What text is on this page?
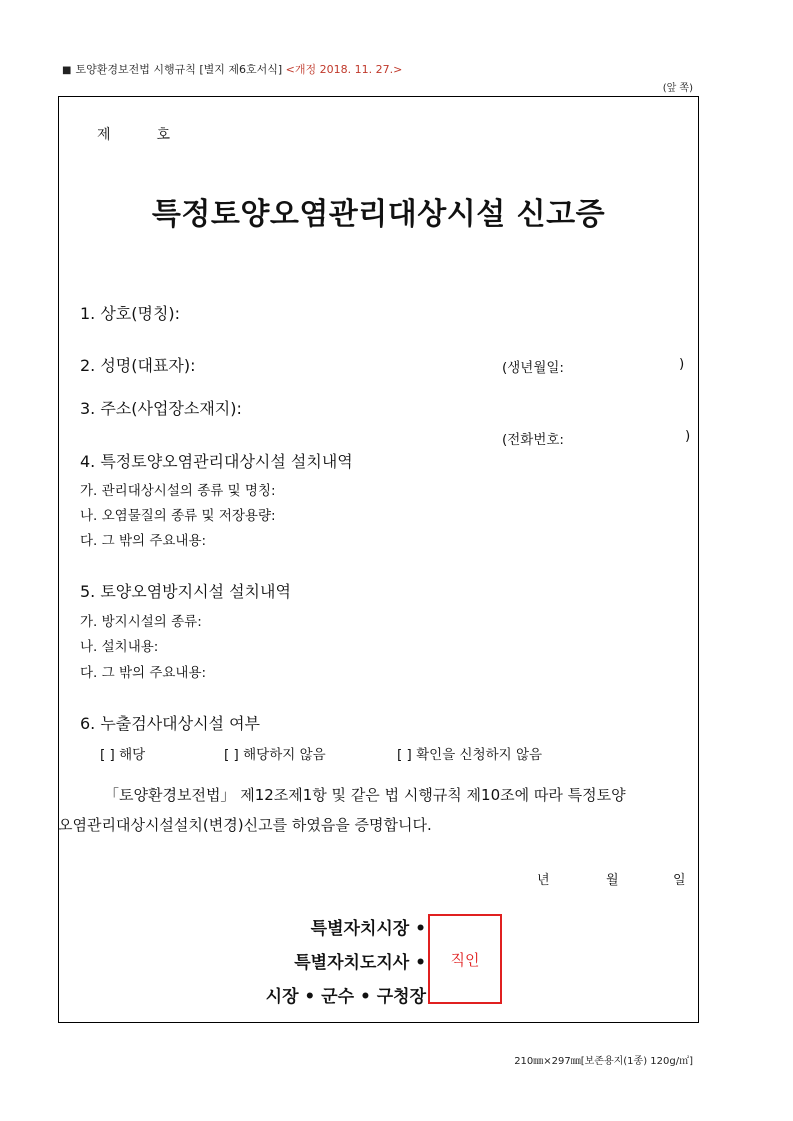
■ 토양환경보전법 시행규칙 [별지 제6호서식] <개정 2018. 11. 27.>
(앞 쪽)
제	호
특정토양오염관리대상시설 신고증
1. 상호(명칭):
2. 성명(대표자):	(생년월일:	)
3. 주소(사업장소재지):
(전화번호:	)
4. 특정토양오염관리대상시설 설치내역
가. 관리대상시설의 종류 및 명칭:
나. 오염물질의 종류 및 저장용량:
다. 그 밖의 주요내용:
5. 토양오염방지시설 설치내역
가. 방지시설의 종류:
나. 설치내용:
다. 그 밖의 주요내용:
6. 누출검사대상시설 여부
[ ] 해당	[ ] 해당하지 않음	[ ] 확인을 신청하지 않음
「토양환경보전법」 제12조제1항 및 같은 법 시행규칙 제10조에 따라 특정토양
오염관리대상시설설치(변경)신고를 하였음을 증명합니다.
년	월	일
특별자치시장 •
특별자치도지사 •
시장 • 군수 • 구청장
직인
210㎜×297㎜[보존용지(1종) 120g/㎡]
